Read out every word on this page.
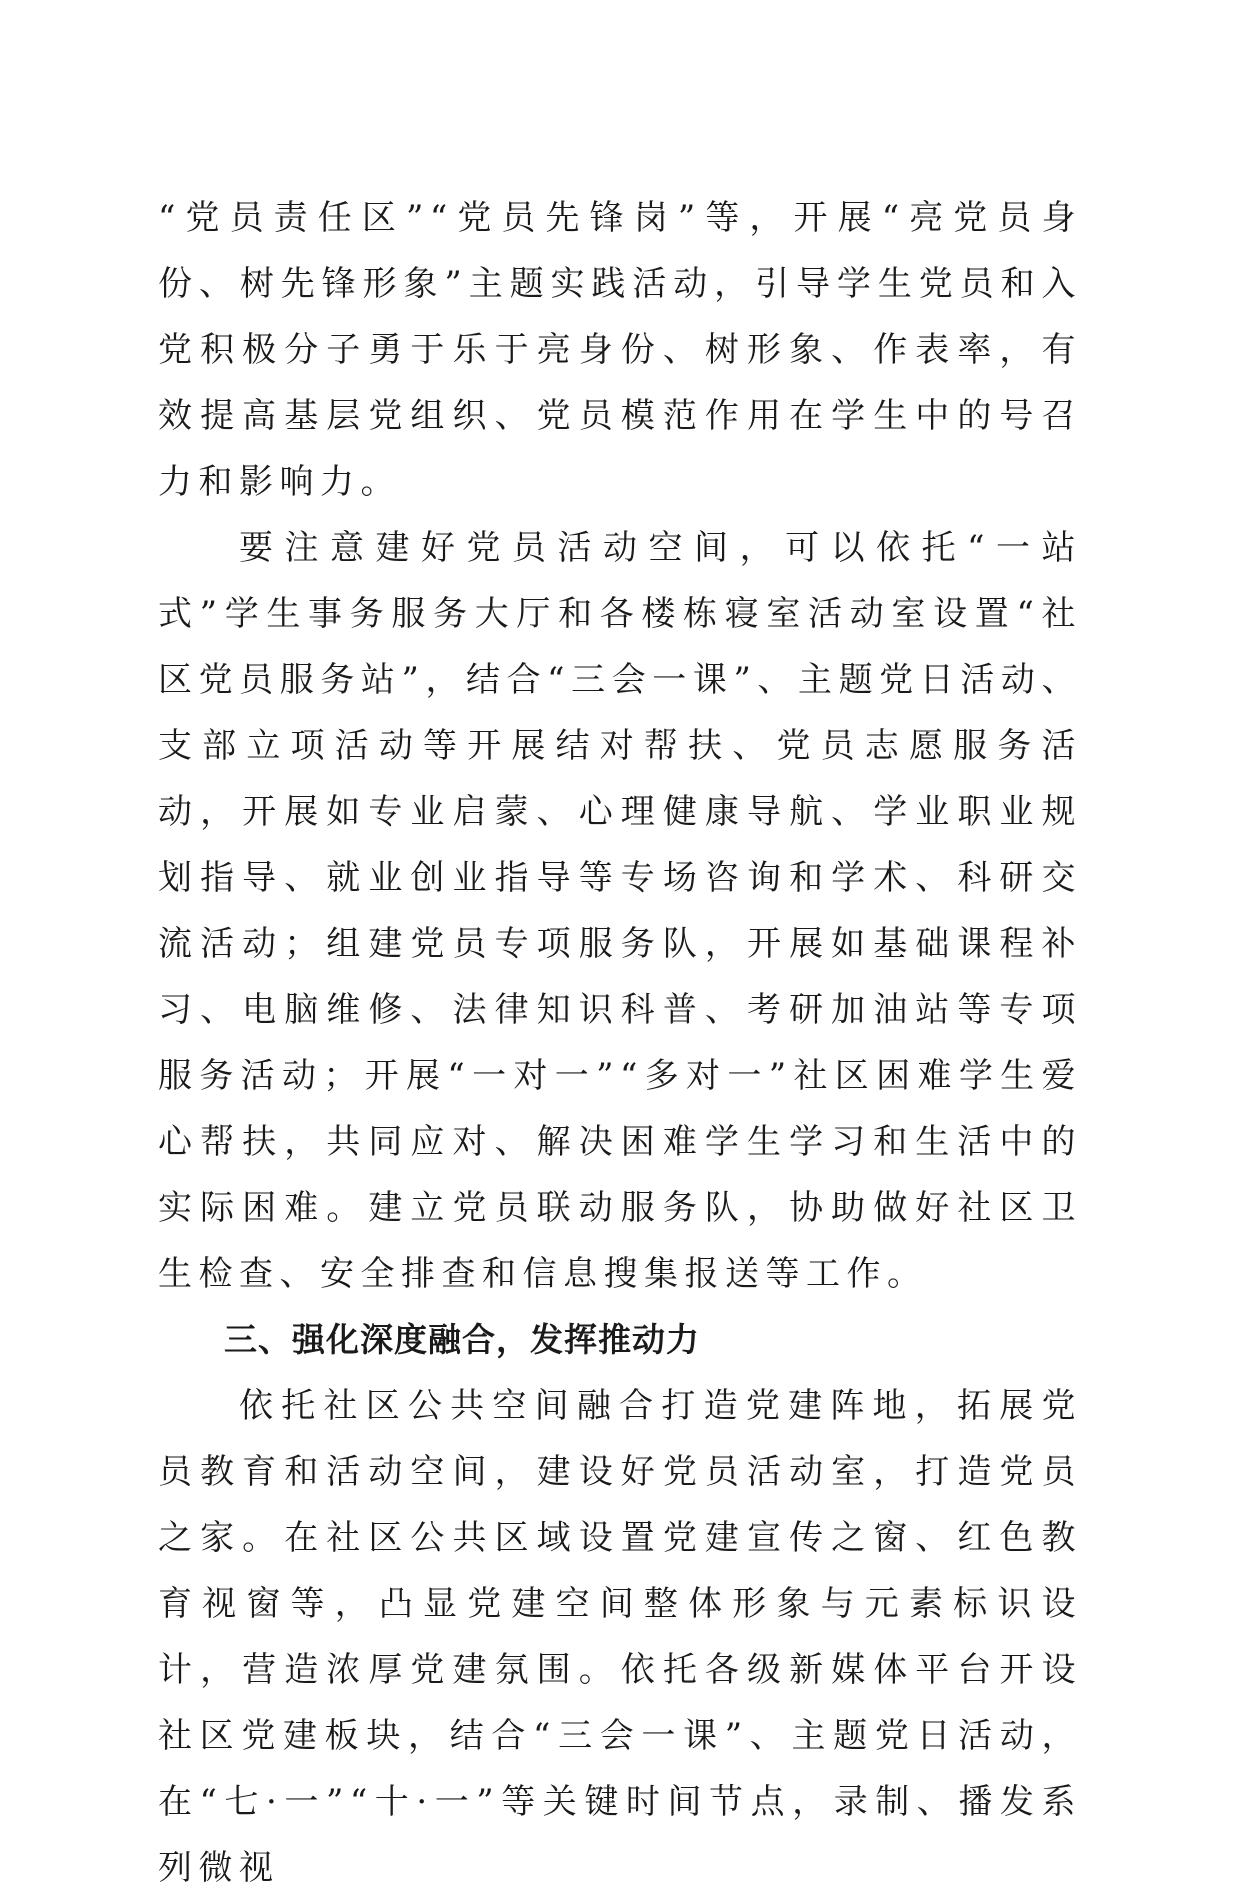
“党员责任区”“党员先锋岗”等，开展“亮党员身份、树先锋形象”主题实践活动，引导学生党员和入党积极分子勇于乐于亮身份、树形象、作表率，有效提高基层党组织、党员模范作用在学生中的号召力和影响力。

要注意建好党员活动空间，可以依托“一站式”学生事务服务大厅和各楼栋寝室活动室设置“社区党员服务站”，结合“三会一课”、主题党日活动、支部立项活动等开展结对帮扶、党员志愿服务活动，开展如专业启蒙、心理健康导航、学业职业规划指导、就业创业指导等专场咨询和学术、科研交流活动；组建党员专项服务队，开展如基础课程补习、电脑维修、法律知识科普、考研加油站等专项服务活动；开展“一对一”“多对一”社区困难学生爱心帮扶，共同应对、解决困难学生学习和生活中的实际困难。建立党员联动服务队，协助做好社区卫生检查、安全排查和信息搜集报送等工作。

三、强化深度融合，发挥推动力

依托社区公共空间融合打造党建阵地，拓展党员教育和活动空间，建设好党员活动室，打造党员之家。在社区公共区域设置党建宣传之窗、红色教育视窗等，凸显党建空间整体形象与元素标识设计，营造浓厚党建氛围。依托各级新媒体平台开设社区党建板块，结合“三会一课”、主题党日活动，在“七·一”“十·一”等关键时间节点，录制、播发系列微视
